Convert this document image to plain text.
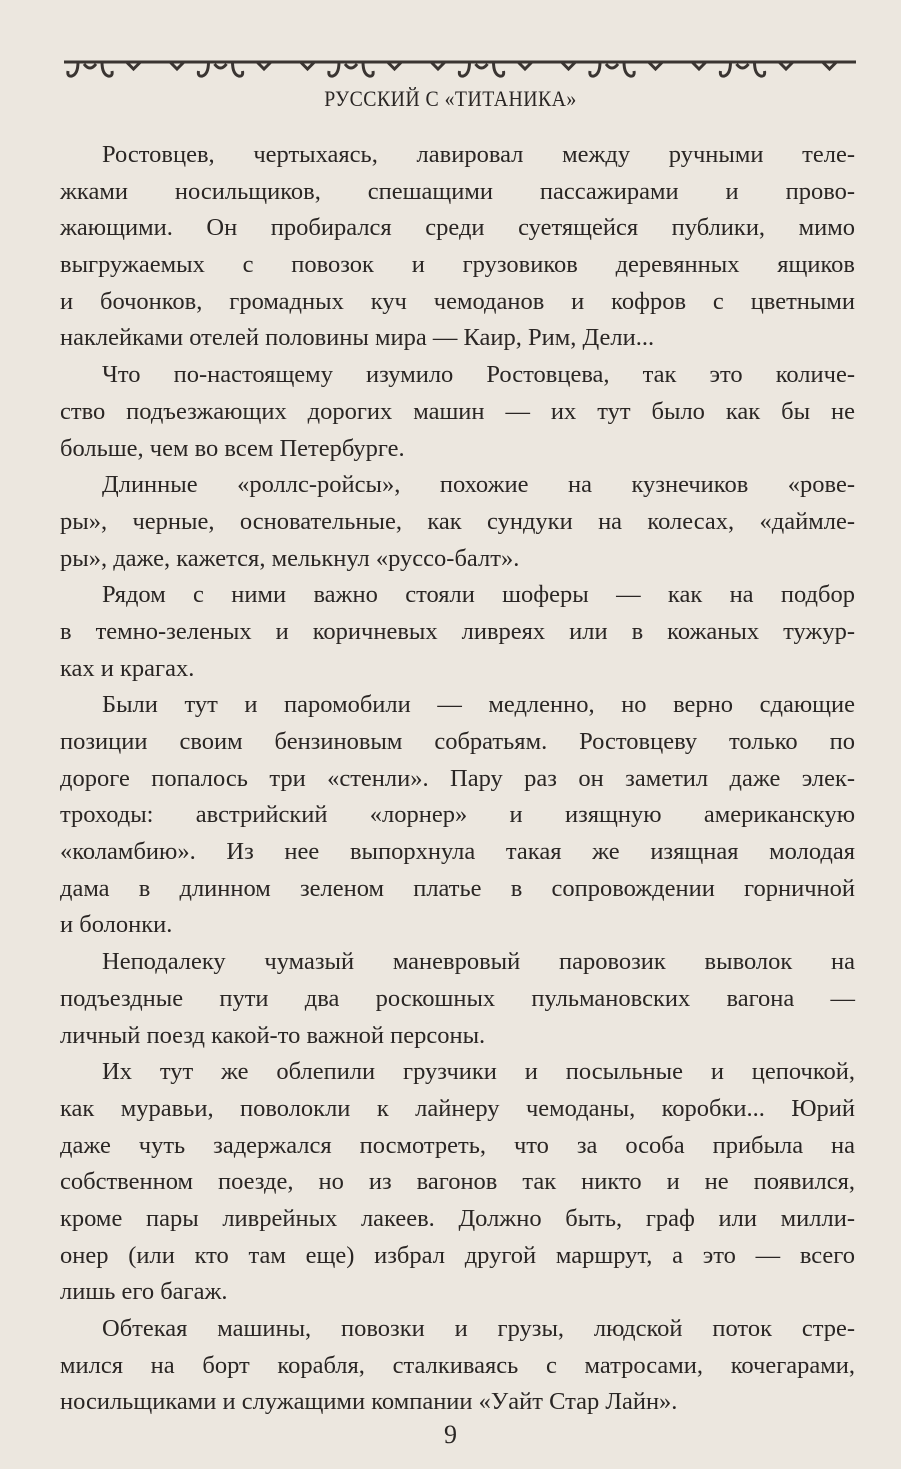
РУССКИЙ С «ТИТАНИКА»
Ростовцев, чертыхаясь, лавировал между ручными теле-
жками носильщиков, спешащими пассажирами и прово-
жающими. Он пробирался среди суетящейся публики, мимо
выгружаемых с повозок и грузовиков деревянных ящиков
и бочонков, громадных куч чемоданов и кофров с цветными
наклейками отелей половины мира — Каир, Рим, Дели...
Что по-настоящему изумило Ростовцева, так это количе-
ство подъезжающих дорогих машин — их тут было как бы не
больше, чем во всем Петербурге.
Длинные «роллс-ройсы», похожие на кузнечиков «рове-
ры», черные, основательные, как сундуки на колесах, «даймле-
ры», даже, кажется, мелькнул «руссо-балт».
Рядом с ними важно стояли шоферы — как на подбор
в темно-зеленых и коричневых ливреях или в кожаных тужур-
ках и крагах.
Были тут и паромобили — медленно, но верно сдающие
позиции своим бензиновым собратьям. Ростовцеву только по
дороге попалось три «стенли». Пару раз он заметил даже элек-
троходы: австрийский «лорнер» и изящную американскую
«коламбию». Из нее выпорхнула такая же изящная молодая
дама в длинном зеленом платье в сопровождении горничной
и болонки.
Неподалеку чумазый маневровый паровозик выволок на
подъездные пути два роскошных пульмановских вагона —
личный поезд какой-то важной персоны.
Их тут же облепили грузчики и посыльные и цепочкой,
как муравьи, поволокли к лайнеру чемоданы, коробки... Юрий
даже чуть задержался посмотреть, что за особа прибыла на
собственном поезде, но из вагонов так никто и не появился,
кроме пары ливрейных лакеев. Должно быть, граф или милли-
онер (или кто там еще) избрал другой маршрут, а это — всего
лишь его багаж.
Обтекая машины, повозки и грузы, людской поток стре-
мился на борт корабля, сталкиваясь с матросами, кочегарами,
носильщиками и служащими компании «Уайт Стар Лайн».
9
